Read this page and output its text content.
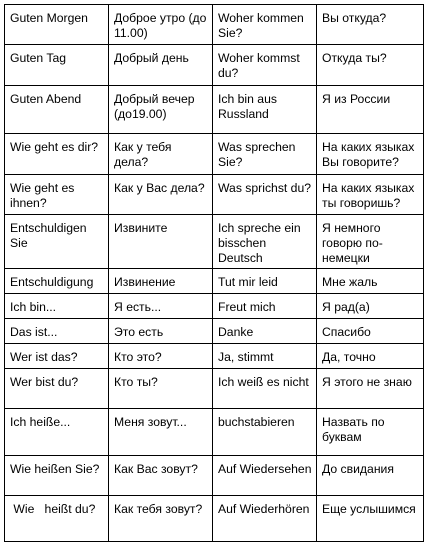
Guten Morgen	Доброе утро (до 11.00)	Woher kommen Sie?	Вы откуда?
Guten Tag	Добрый день	Woher kommst du?	Откуда ты?
Guten Abend	Добрый вечер (до19.00)	Ich bin aus Russland	Я из России
Wie geht es dir?	Как у тебя дела?	Was sprechen Sie?	На каких языках Вы говорите?
Wie geht es ihnen?	Как у Вас дела?	Was sprichst du?	На каких языках ты говоришь?
Entschuldigen Sie	Извините	Ich spreche ein bisschen Deutsch	Я немного говорю по-немецки
Entschuldigung	Извинение	Tut mir leid	Мне жаль
Ich bin...	Я есть...	Freut mich	Я рад(а)
Das ist...	Это есть	Danke	Спасибо
Wer ist das?	Кто это?	Ja, stimmt	Да, точно
Wer bist du?	Кто ты?	Ich weiß es nicht	Я этого не знаю
Ich heiße...	Меня зовут...	buchstabieren	Назвать по буквам
Wie heißen Sie?	Как Вас зовут?	Auf Wiedersehen	До свидания
Wie   heißt du?	Как тебя зовут?	Auf Wiederhören	Еще услышимся
